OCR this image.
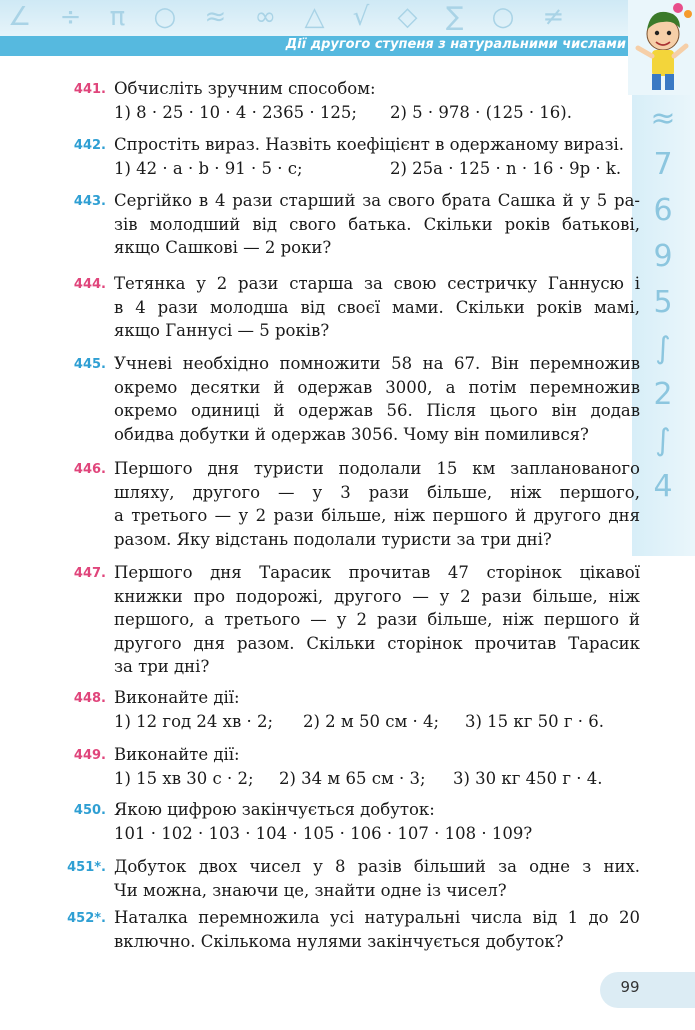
∠ ÷ π ○ ≈ ∞ △ √ ◇ ∑ ○ ≠
Дії другого ступеня з натуральними числами
≈
7
6
9
5
∫
2
∫
4
441. Обчисліть зручним способом:
1) 8 · 25 · 10 · 4 · 2365 · 125; 2) 5 · 978 · (125 · 16).
442. Спростіть вираз. Назвіть коефіцієнт в одержаному виразі.
1) 42 · a · b · 91 · 5 · c;	2) 25a · 125 · n · 16 · 9p · k.
443. Сергійко в 4 рази старший за свого брата Сашка й у 5 ра-
зів молодший від свого батька. Скільки років батькові,
якщо Сашкові — 2 роки?
444. Тетянка у 2 рази старша за свою сестричку Ганнусю і
в 4 рази молодша від своєї мами. Скільки років мамі,
якщо Ганнусі — 5 років?
445. Учневі необхідно помножити 58 на 67. Він перемножив
окремо десятки й одержав 3000, а потім перемножив
окремо одиниці й одержав 56. Після цього він додав
обидва добутки й одержав 3056. Чому він помилився?
446. Першого дня туристи подолали 15 км запланованого
шляху, другого — у 3 рази більше, ніж першого,
а третього — у 2 рази більше, ніж першого й другого дня
разом. Яку відстань подолали туристи за три дні?
447. Першого дня Тарасик прочитав 47 сторінок цікавої
книжки про подорожі, другого — у 2 рази більше, ніж
першого, а третього — у 2 рази більше, ніж першого й
другого дня разом. Скільки сторінок прочитав Тарасик
за три дні?
448. Виконайте дії:
1) 12 год 24 хв · 2; 2) 2 м 50 см · 4; 3) 15 кг 50 г · 6.
449. Виконайте дії:
1) 15 хв 30 с · 2; 2) 34 м 65 см · 3; 3) 30 кг 450 г · 4.
450. Якою цифрою закінчується добуток:
101 · 102 · 103 · 104 · 105 · 106 · 107 · 108 · 109?
451*. Добуток двох чисел у 8 разів більший за одне з них.
Чи можна, знаючи це, знайти одне із чисел?
452*. Наталка перемножила усі натуральні числа від 1 до 20
включно. Скількома нулями закінчується добуток?
99
